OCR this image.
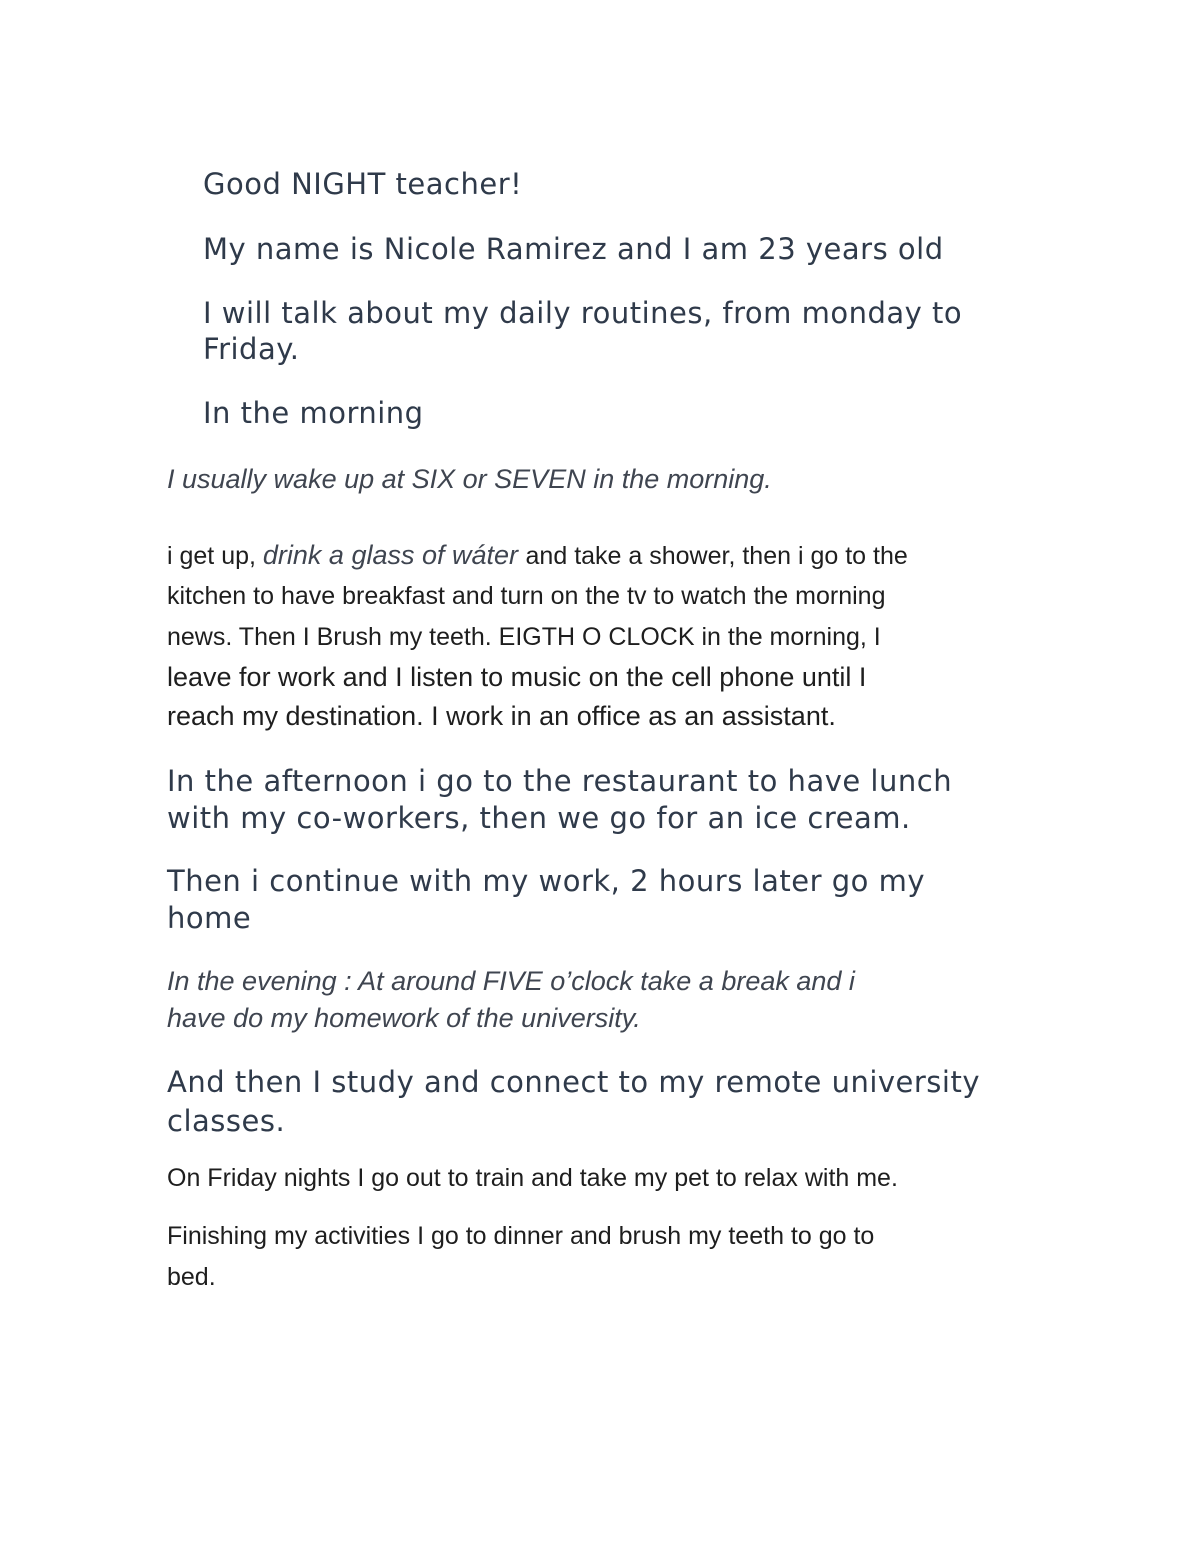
Good NIGHT teacher!

My name is Nicole Ramirez and I am 23 years old

I will talk about my daily routines, from monday to

Friday.

In the morning

I usually wake up at SIX or SEVEN in the morning.

i get up, drink a glass of wáter and take a shower, then i go to the

kitchen to have breakfast and turn on the tv to watch the morning

news. Then I Brush my teeth. EIGTH O CLOCK in the morning, I

leave for work and I listen to music on the cell phone until I

reach my destination. I work in an office as an assistant.

In the afternoon i go to the restaurant to have lunch

with my co-workers, then we go for an ice cream.

Then i continue with my work, 2 hours later go my

home

In the evening : At around FIVE o’clock take a break and i

have do my homework of the university.

And then I study and connect to my remote university

classes.

On Friday nights I go out to train and take my pet to relax with me.

Finishing my activities I go to dinner and brush my teeth to go to

bed.
